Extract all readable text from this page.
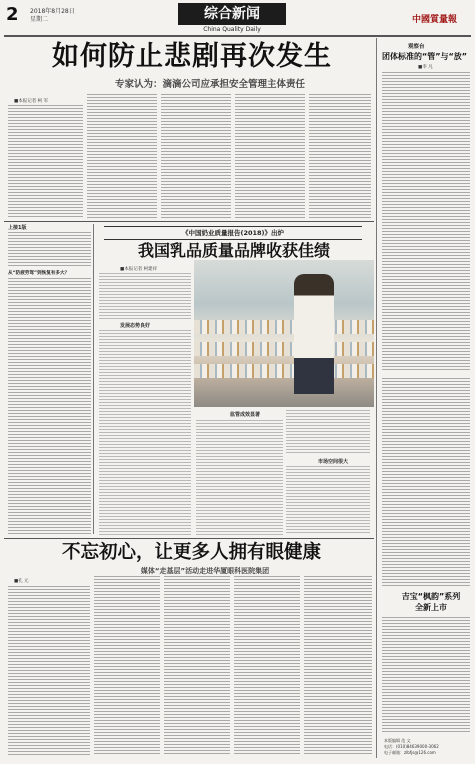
2 2018年8月28日
星期二	综合新闻
China Quality Daily
中國質量報
如何防止悲剧再次发生
专家认为：滴滴公司应承担安全管理主体责任
■本报记者 柯 军
上接1版
从“防疲劳驾”到恢复有多大？
《中国奶业质量报告(2018)》出炉
我国乳品质量品牌收获佳绩
■本报记者 柯建祥
发展态势良好
监管成效显著
市场空间很大
不忘初心，让更多人拥有眼健康
媒体“走基层”活动走进华厦眼科医院集团
■孔 元
观察台
团体标准的“管”与“放”
■李 凡
吉宝“枫韵”系列
全新上市
本版编辑 范 文
电话：(010)84639000-3062
电子邮箱：zlbfjs@126.com
